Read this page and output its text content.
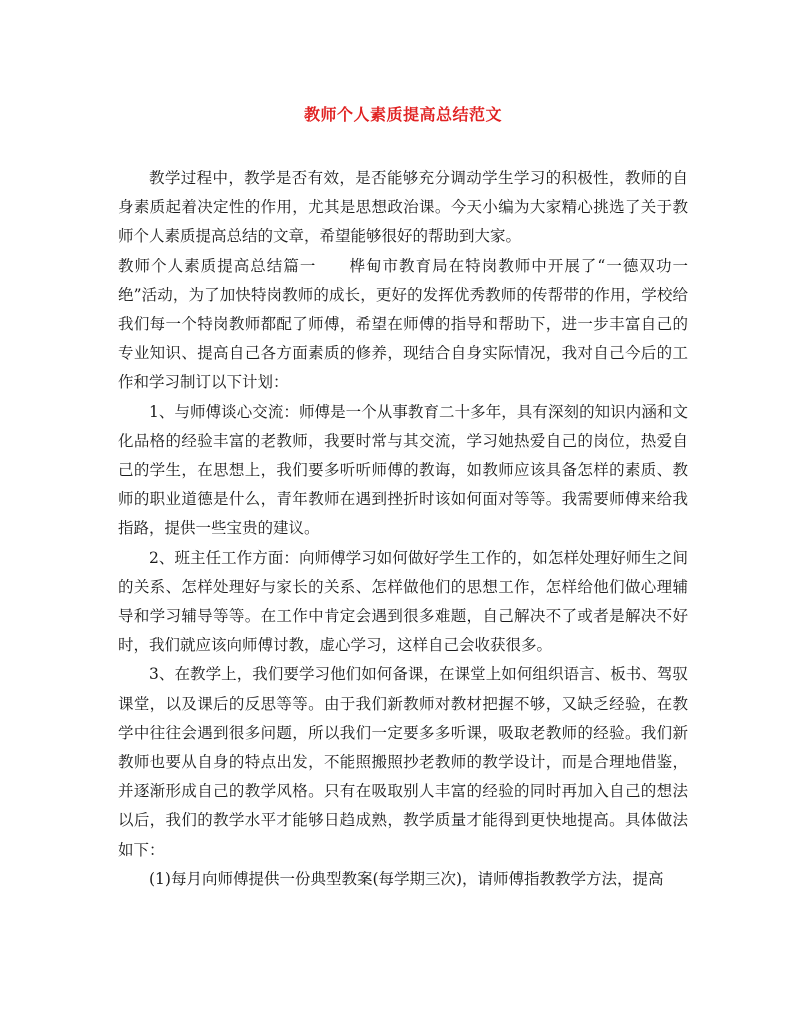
教师个人素质提高总结范文

教学过程中，教学是否有效，是否能够充分调动学生学习的积极性，教师的自身素质起着决定性的作用，尤其是思想政治课。今天小编为大家精心挑选了关于教师个人素质提高总结的文章，希望能够很好的帮助到大家。

教师个人素质提高总结篇一　　桦甸市教育局在特岗教师中开展了“一德双功一绝”活动，为了加快特岗教师的成长，更好的发挥优秀教师的传帮带的作用，学校给我们每一个特岗教师都配了师傅，希望在师傅的指导和帮助下，进一步丰富自己的专业知识、提高自己各方面素质的修养，现结合自身实际情况，我对自己今后的工作和学习制订以下计划：

1、与师傅谈心交流：师傅是一个从事教育二十多年，具有深刻的知识内涵和文化品格的经验丰富的老教师，我要时常与其交流，学习她热爱自己的岗位，热爱自己的学生，在思想上，我们要多听听师傅的教诲，如教师应该具备怎样的素质、教师的职业道德是什么，青年教师在遇到挫折时该如何面对等等。我需要师傅来给我指路，提供一些宝贵的建议。

2、班主任工作方面：向师傅学习如何做好学生工作的，如怎样处理好师生之间的关系、怎样处理好与家长的关系、怎样做他们的思想工作，怎样给他们做心理辅导和学习辅导等等。在工作中肯定会遇到很多难题，自己解决不了或者是解决不好时，我们就应该向师傅讨教，虚心学习，这样自己会收获很多。

3、在教学上，我们要学习他们如何备课，在课堂上如何组织语言、板书、驾驭课堂，以及课后的反思等等。由于我们新教师对教材把握不够，又缺乏经验，在教学中往往会遇到很多问题，所以我们一定要多多听课，吸取老教师的经验。我们新教师也要从自身的特点出发，不能照搬照抄老教师的教学设计，而是合理地借鉴，并逐渐形成自己的教学风格。只有在吸取别人丰富的经验的同时再加入自己的想法以后，我们的教学水平才能够日趋成熟，教学质量才能得到更快地提高。具体做法如下：

(1)每月向师傅提供一份典型教案(每学期三次)，请师傅指教教学方法，提高
